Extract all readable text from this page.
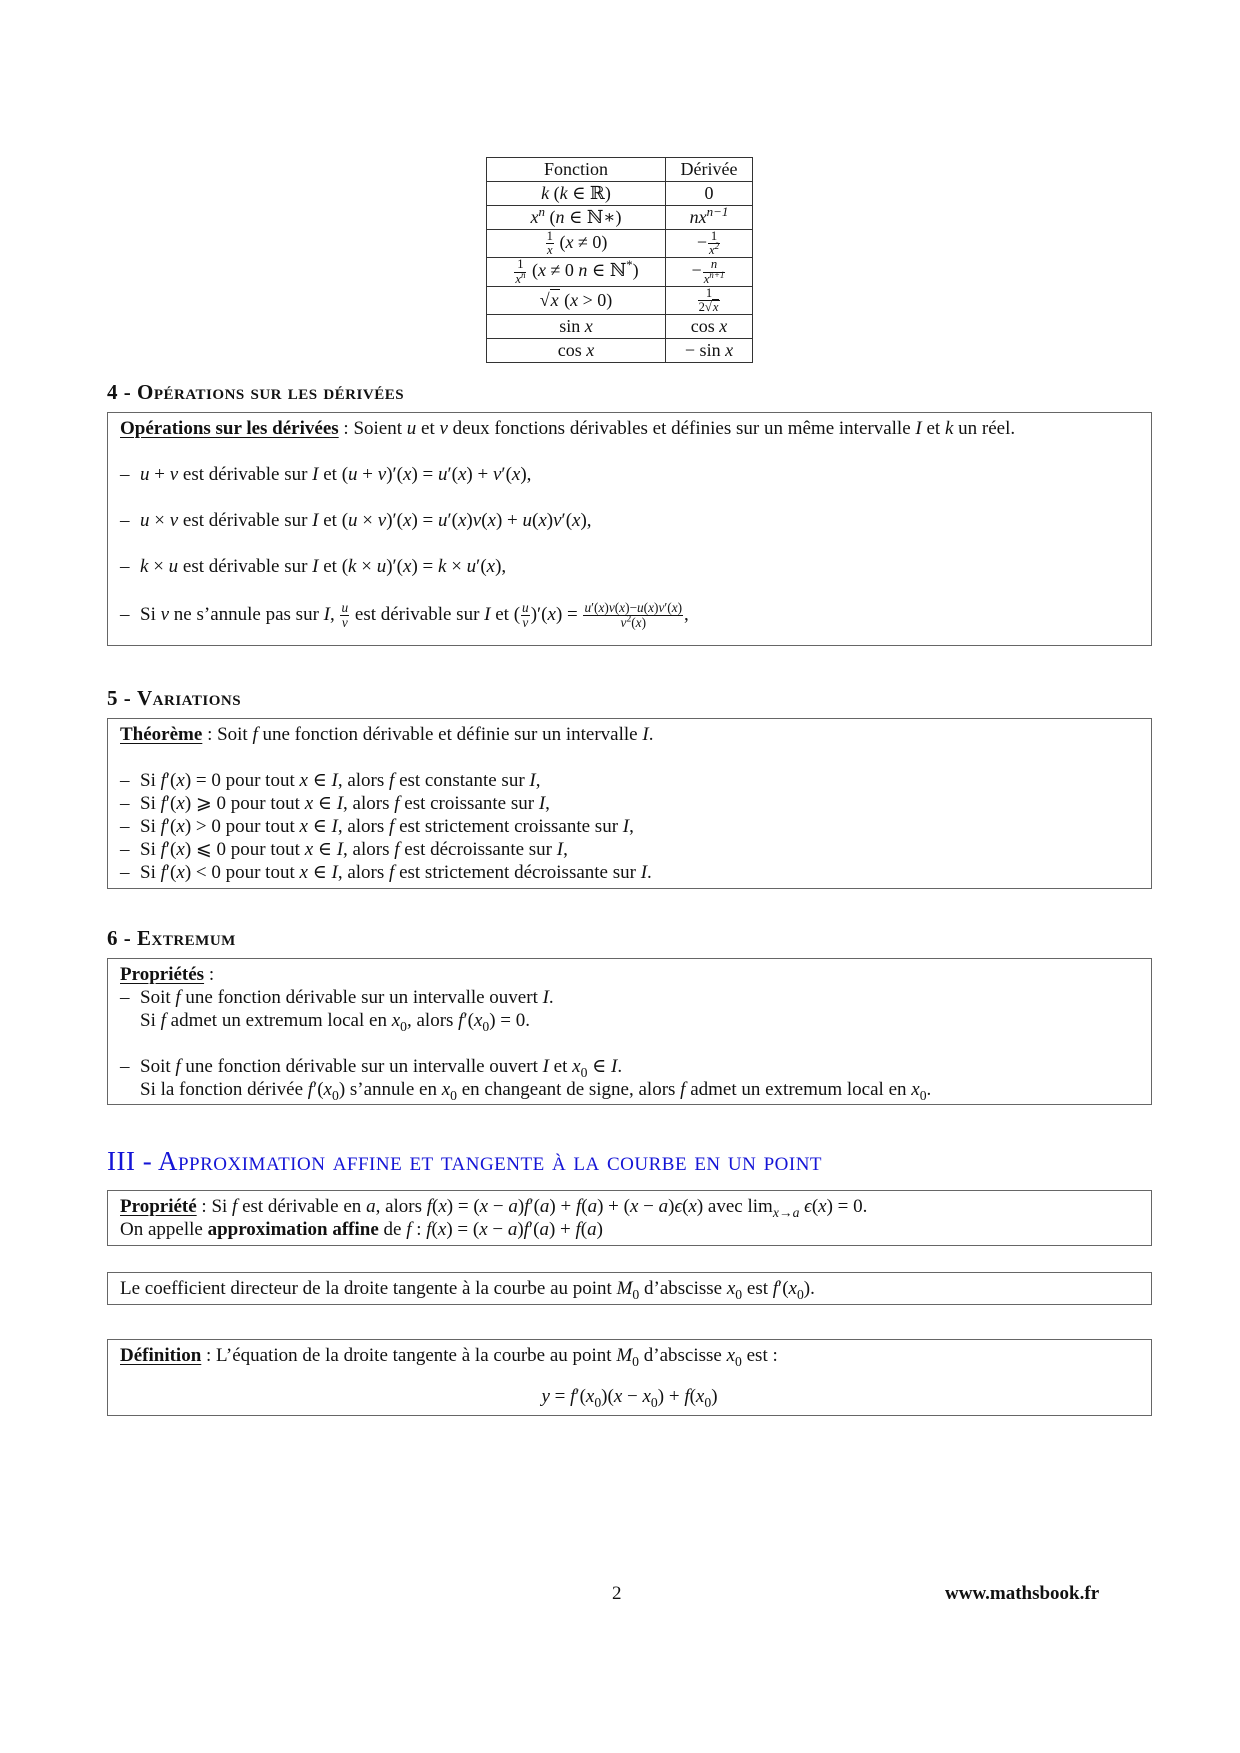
Fonction	Dérivée
k (k ∈ ℝ)	0
$x^n$ (n ∈ ℕ∗)	$nx^{n-1}$

$\frac{1}{x} (x \ne 0)$	− $\frac{1}{x^2}$

$\frac{1}{x^n} (x \ne 0$ n ∈ ℕ*)	− $\frac{n}{x^{n+1}}$

√x (x > 0)	$\frac{1}{2√x}$

sin x	cos x
cos x	− sin x
4 - Opérations sur les dérivées
Opérations sur les dérivées : Soient u et v deux fonctions dérivables et définies sur un même intervalle I et k un réel.
– u + v est dérivable sur I et (u + v)′(x) = u′(x) + v′(x),
– u × v est dérivable sur I et (u × v)′(x) = u′(x)v(x) + u(x)v′(x),
– k × u est dérivable sur I et (k × u)′(x) = k × u′(x),
– Si v ne s’annule pas sur I, $\frac{u}{v}$ est dérivable sur I et ( $\frac{u}{v} )'(x) = \frac{u'(x)v(x)-u(x)v'(x)}{v^2(x)}$ ,
5 - Variations
Théorème : Soit f une fonction dérivable et définie sur un intervalle I.
– Si f′(x) = 0 pour tout x ∈ I, alors f est constante sur I,
– Si f′(x) ⩾ 0 pour tout x ∈ I, alors f est croissante sur I,
– Si f′(x) > 0 pour tout x ∈ I, alors f est strictement croissante sur I,
– Si f′(x) ⩽ 0 pour tout x ∈ I, alors f est décroissante sur I,
– Si f′(x) < 0 pour tout x ∈ I, alors f est strictement décroissante sur I.
6 - Extremum
Propriétés :
– Soit f une fonction dérivable sur un intervalle ouvert I.
Si f admet un extremum local en $x_0$, alors $f'(x_0) = 0$.
– Soit f une fonction dérivable sur un intervalle ouvert I et $x_0$ ∈ I.
Si la fonction dérivée $f'(x_0)$ s’annule en $x_0$ en changeant de signe, alors f admet un extremum local en $x_0$.
III - Approximation affine et tangente à la courbe en un point
Propriété : Si f est dérivable en a, alors f(x) = (x − a)f′(a) + f(a) + (x − a)ϵ(x) avec $\lim_{x\to a} \epsilon(x) = 0$.
On appelle approximation affine de f : f(x) = (x − a)f′(a) + f(a)
Le coefficient directeur de la droite tangente à la courbe au point $M_0$ d’abscisse $x_0$ est $f'(x_0)$.
Définition : L’équation de la droite tangente à la courbe au point $M_0$ d’abscisse $x_0$ est :
$y = f'(x_0)(x - x_0) + f(x_0)$
2	www.mathsbook.fr
